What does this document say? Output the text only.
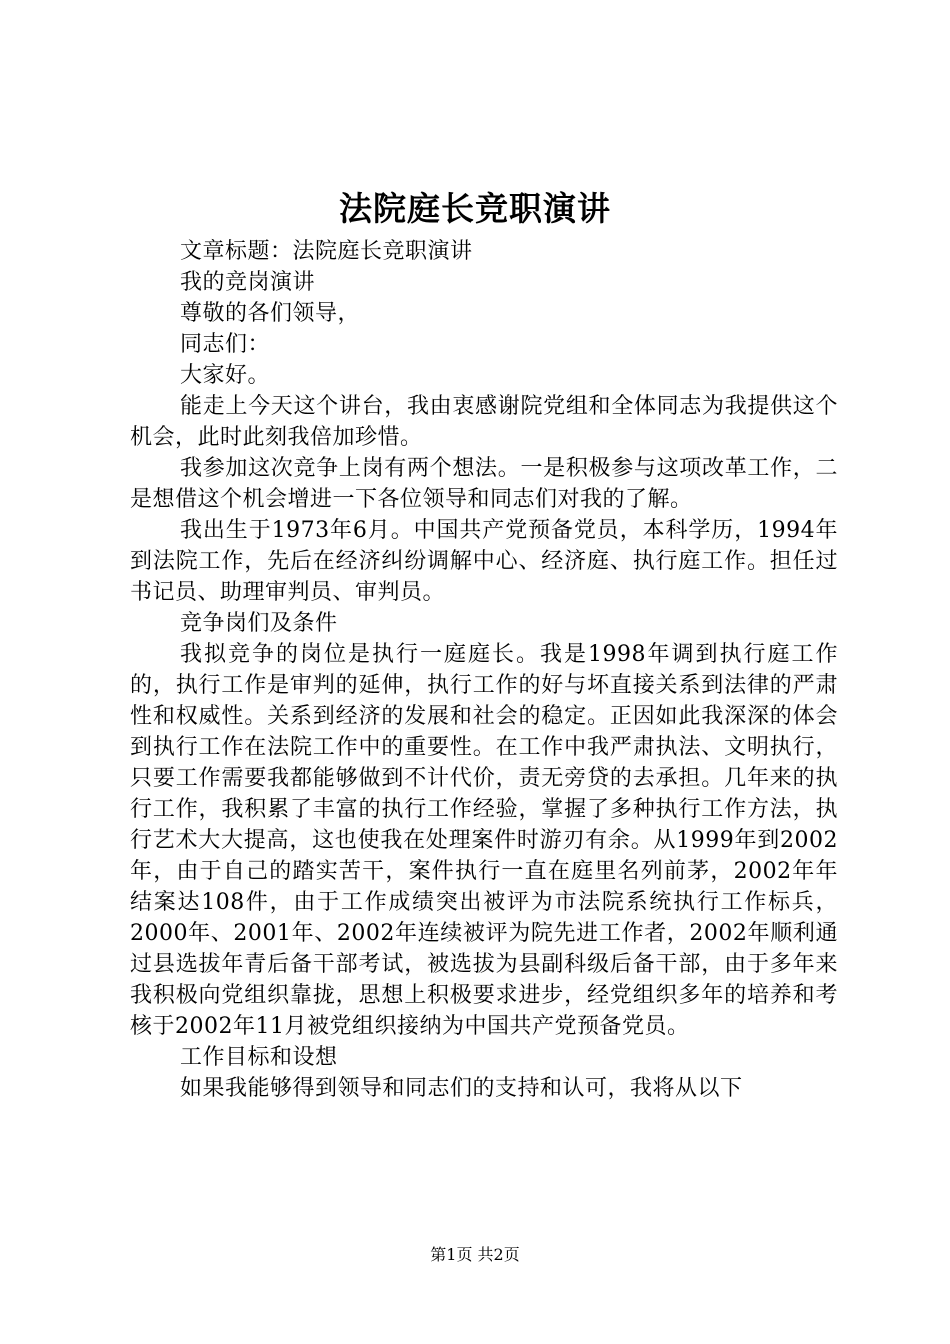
法院庭长竞职演讲

文章标题：法院庭长竞职演讲

我的竞岗演讲

尊敬的各们领导，

同志们：

大家好。

能走上今天这个讲台，我由衷感谢院党组和全体同志为我提供这个机会，此时此刻我倍加珍惜。

我参加这次竞争上岗有两个想法。一是积极参与这项改革工作，二是想借这个机会增进一下各位领导和同志们对我的了解。

我出生于1973年6月。中国共产党预备党员，本科学历，1994年到法院工作，先后在经济纠纷调解中心、经济庭、执行庭工作。担任过书记员、助理审判员、审判员。

竞争岗们及条件

我拟竞争的岗位是执行一庭庭长。我是1998年调到执行庭工作的，执行工作是审判的延伸，执行工作的好与坏直接关系到法律的严肃性和权威性。关系到经济的发展和社会的稳定。正因如此我深深的体会到执行工作在法院工作中的重要性。在工作中我严肃执法、文明执行，只要工作需要我都能够做到不计代价，责无旁贷的去承担。几年来的执行工作，我积累了丰富的执行工作经验，掌握了多种执行工作方法，执行艺术大大提高，这也使我在处理案件时游刃有余。从1999年到2002年，由于自己的踏实苦干，案件执行一直在庭里名列前茅，2002年年结案达108件，由于工作成绩突出被评为市法院系统执行工作标兵，2000年、2001年、2002年连续被评为院先进工作者，2002年顺利通过县选拔年青后备干部考试，被选拔为县副科级后备干部，由于多年来我积极向党组织靠拢，思想上积极要求进步，经党组织多年的培养和考核于2002年11月被党组织接纳为中国共产党预备党员。

工作目标和设想

如果我能够得到领导和同志们的支持和认可，我将从以下

第1页 共2页
